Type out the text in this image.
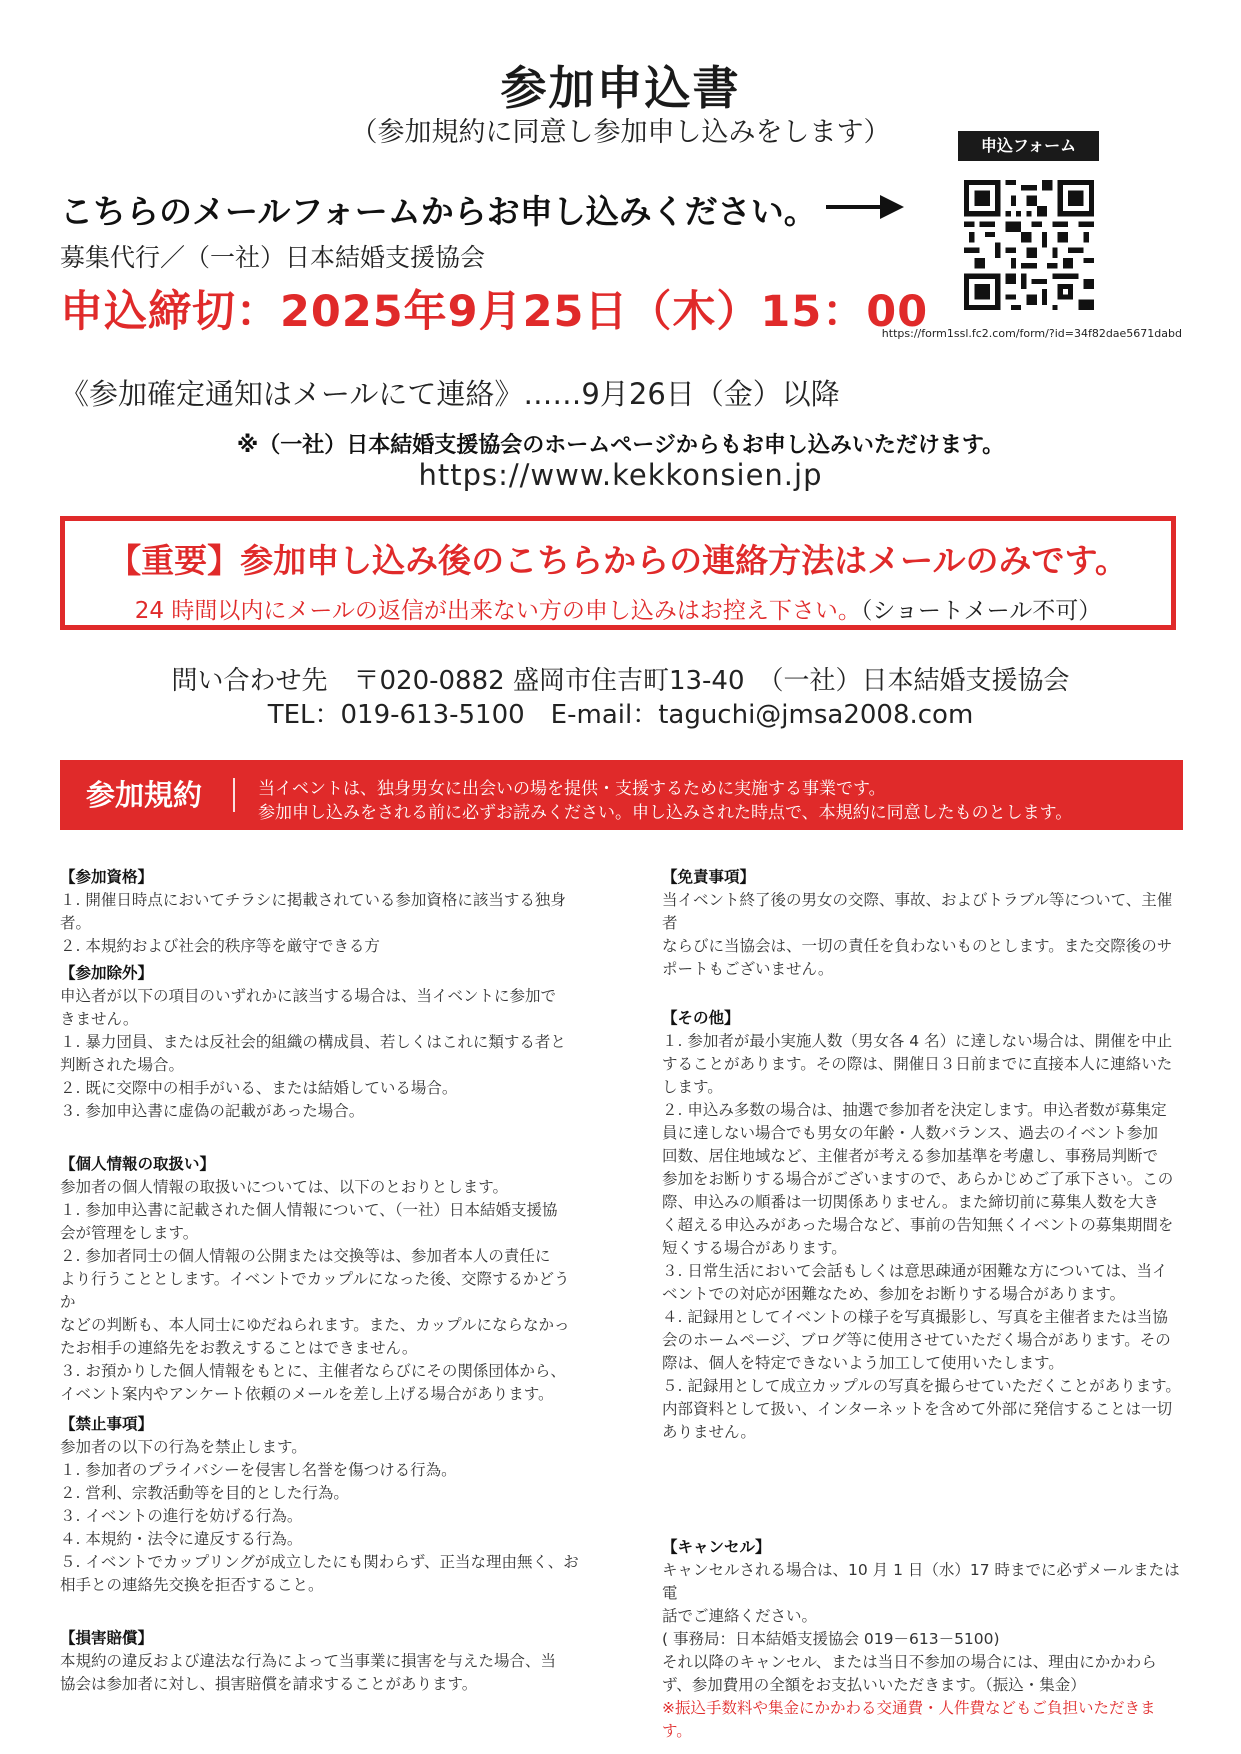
参加申込書
（参加規約に同意し参加申し込みをします）
こちらのメールフォームからお申し込みください。
募集代行／（一社）日本結婚支援協会
申込締切：2025年9月25日（木）15：00
申込フォーム
https://form1ssl.fc2.com/form/?id=34f82dae5671dabd
《参加確定通知はメールにて連絡》……9月26日（金）以降
※（一社）日本結婚支援協会のホームページからもお申し込みいただけます。
https://www.kekkonsien.jp
【重要】参加申し込み後のこちらからの連絡方法はメールのみです。
24 時間以内にメールの返信が出来ない方の申し込みはお控え下さい。（ショートメール不可）
問い合わせ先　〒020-0882 盛岡市住吉町13-40　（一社）日本結婚支援協会
TEL：019-613-5100　E-mail：taguchi@jmsa2008.com
参加規約	当イベントは、独身男女に出会いの場を提供・支援するために実施する事業です。
参加申し込みをされる前に必ずお読みください。申し込みされた時点で、本規約に同意したものとします。

【参加資格】

１. 開催日時点においてチラシに掲載されている参加資格に該当する独身者。

２. 本規約および社会的秩序等を厳守できる方

【参加除外】

申込者が以下の項目のいずれかに該当する場合は、当イベントに参加で

きません。

１. 暴力団員、または反社会的組織の構成員、若しくはこれに類する者と

判断された場合。

２. 既に交際中の相手がいる、または結婚している場合。

３. 参加申込書に虚偽の記載があった場合。

【個人情報の取扱い】

参加者の個人情報の取扱いについては、以下のとおりとします。

１. 参加申込書に記載された個人情報について、（一社）日本結婚支援協

会が管理をします。

２. 参加者同士の個人情報の公開または交換等は、参加者本人の責任に

より行うこととします。イベントでカップルになった後、交際するかどうか

などの判断も、本人同士にゆだねられます。また、カップルにならなかっ

たお相手の連絡先をお教えすることはできません。

３. お預かりした個人情報をもとに、主催者ならびにその関係団体から、

イベント案内やアンケート依頼のメールを差し上げる場合があります。

【禁止事項】

参加者の以下の行為を禁止します。

１. 参加者のプライバシーを侵害し名誉を傷つける行為。

２. 営利、宗教活動等を目的とした行為。

３. イベントの進行を妨げる行為。

４. 本規約・法令に違反する行為。

５. イベントでカップリングが成立したにも関わらず、正当な理由無く、お

相手との連絡先交換を拒否すること。

【損害賠償】

本規約の違反および違法な行為によって当事業に損害を与えた場合、当

協会は参加者に対し、損害賠償を請求することがあります。

【免責事項】

当イベント終了後の男女の交際、事故、およびトラブル等について、主催者

ならびに当協会は、一切の責任を負わないものとします。また交際後のサ

ポートもございません。

【その他】

１. 参加者が最小実施人数（男女各 4 名）に達しない場合は、開催を中止

することがあります。その際は、開催日３日前までに直接本人に連絡いた

します。

２. 申込み多数の場合は、抽選で参加者を決定します。申込者数が募集定

員に達しない場合でも男女の年齢・人数バランス、過去のイベント参加

回数、居住地域など、主催者が考える参加基準を考慮し、事務局判断で

参加をお断りする場合がございますので、あらかじめご了承下さい。この

際、申込みの順番は一切関係ありません。また締切前に募集人数を大き

く超える申込みがあった場合など、事前の告知無くイベントの募集期間を

短くする場合があります。

３. 日常生活において会話もしくは意思疎通が困難な方については、当イ

ベントでの対応が困難なため、参加をお断りする場合があります。

４. 記録用としてイベントの様子を写真撮影し、写真を主催者または当協

会のホームページ、ブログ等に使用させていただく場合があります。その

際は、個人を特定できないよう加工して使用いたします。

５. 記録用として成立カップルの写真を撮らせていただくことがあります。

内部資料として扱い、インターネットを含めて外部に発信することは一切

ありません。

【キャンセル】

キャンセルされる場合は、10 月 1 日（水）17 時までに必ずメールまたは電

話でご連絡ください。

( 事務局：日本結婚支援協会 019－613－5100)

それ以降のキャンセル、または当日不参加の場合には、理由にかかわら

ず、参加費用の全額をお支払いいただきます。（振込・集金）

※振込手数料や集金にかかわる交通費・人件費などもご負担いただきます。
